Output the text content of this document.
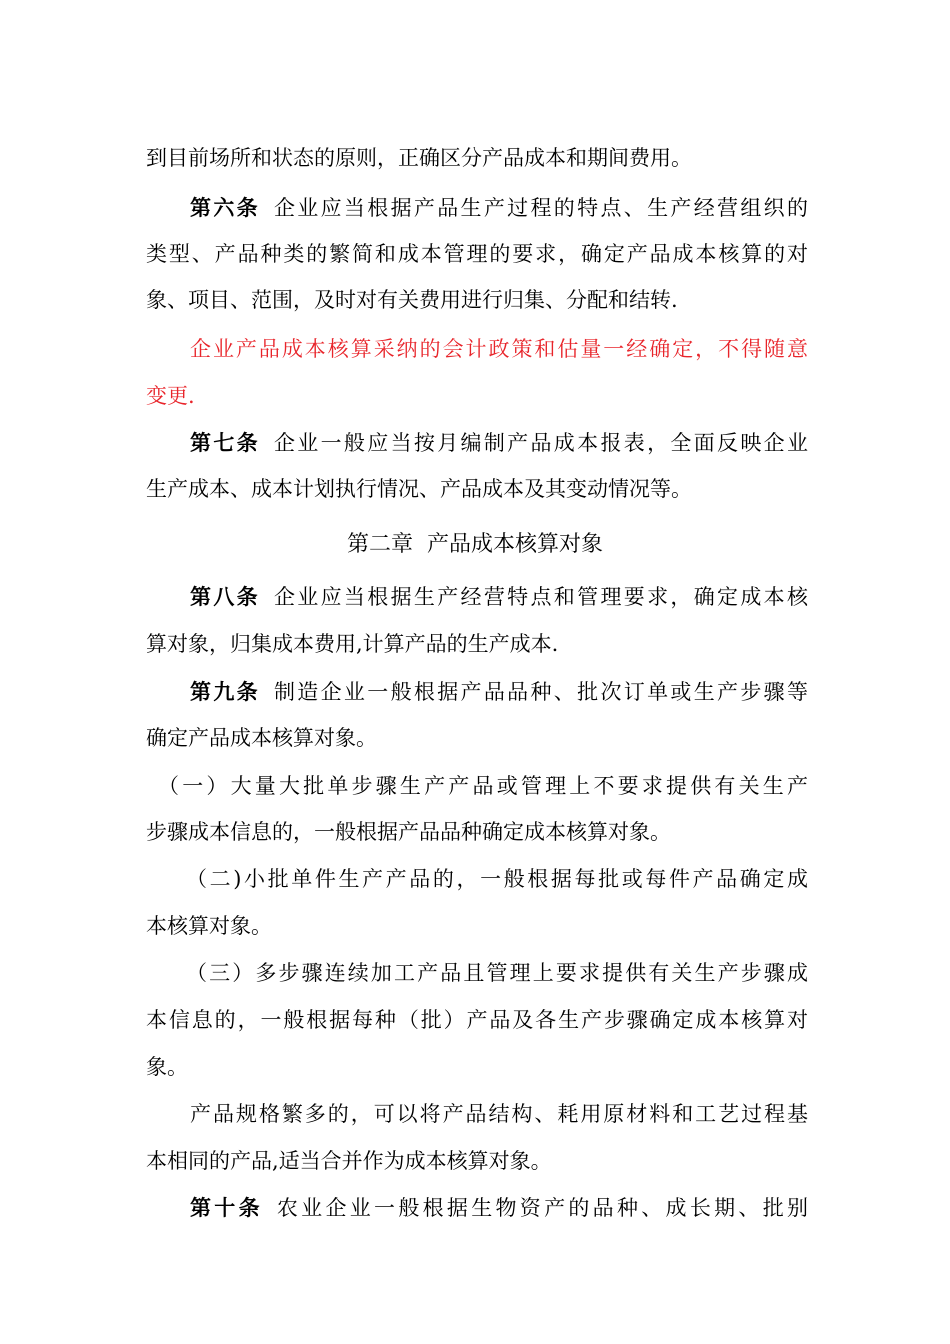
到目前场所和状态的原则，正确区分产品成本和期间费用。
第六条 企业应当根据产品生产过程的特点、生产经营组织的
类型、产品种类的繁简和成本管理的要求，确定产品成本核算的对
象、项目、范围，及时对有关费用进行归集、分配和结转.
企业产品成本核算采纳的会计政策和估量一经确定，不得随意
变更.
第七条 企业一般应当按月编制产品成本报表，全面反映企业
生产成本、成本计划执行情况、产品成本及其变动情况等。
第二章 产品成本核算对象
第八条 企业应当根据生产经营特点和管理要求，确定成本核
算对象，归集成本费用,计算产品的生产成本.
第九条 制造企业一般根据产品品种、批次订单或生产步骤等
确定产品成本核算对象。
（一）大量大批单步骤生产产品或管理上不要求提供有关生产
步骤成本信息的，一般根据产品品种确定成本核算对象。
（二)小批单件生产产品的，一般根据每批或每件产品确定成
本核算对象。
（三）多步骤连续加工产品且管理上要求提供有关生产步骤成
本信息的，一般根据每种（批）产品及各生产步骤确定成本核算对
象。
产品规格繁多的，可以将产品结构、耗用原材料和工艺过程基
本相同的产品,适当合并作为成本核算对象。
第十条 农业企业一般根据生物资产的品种、成长期、批别
